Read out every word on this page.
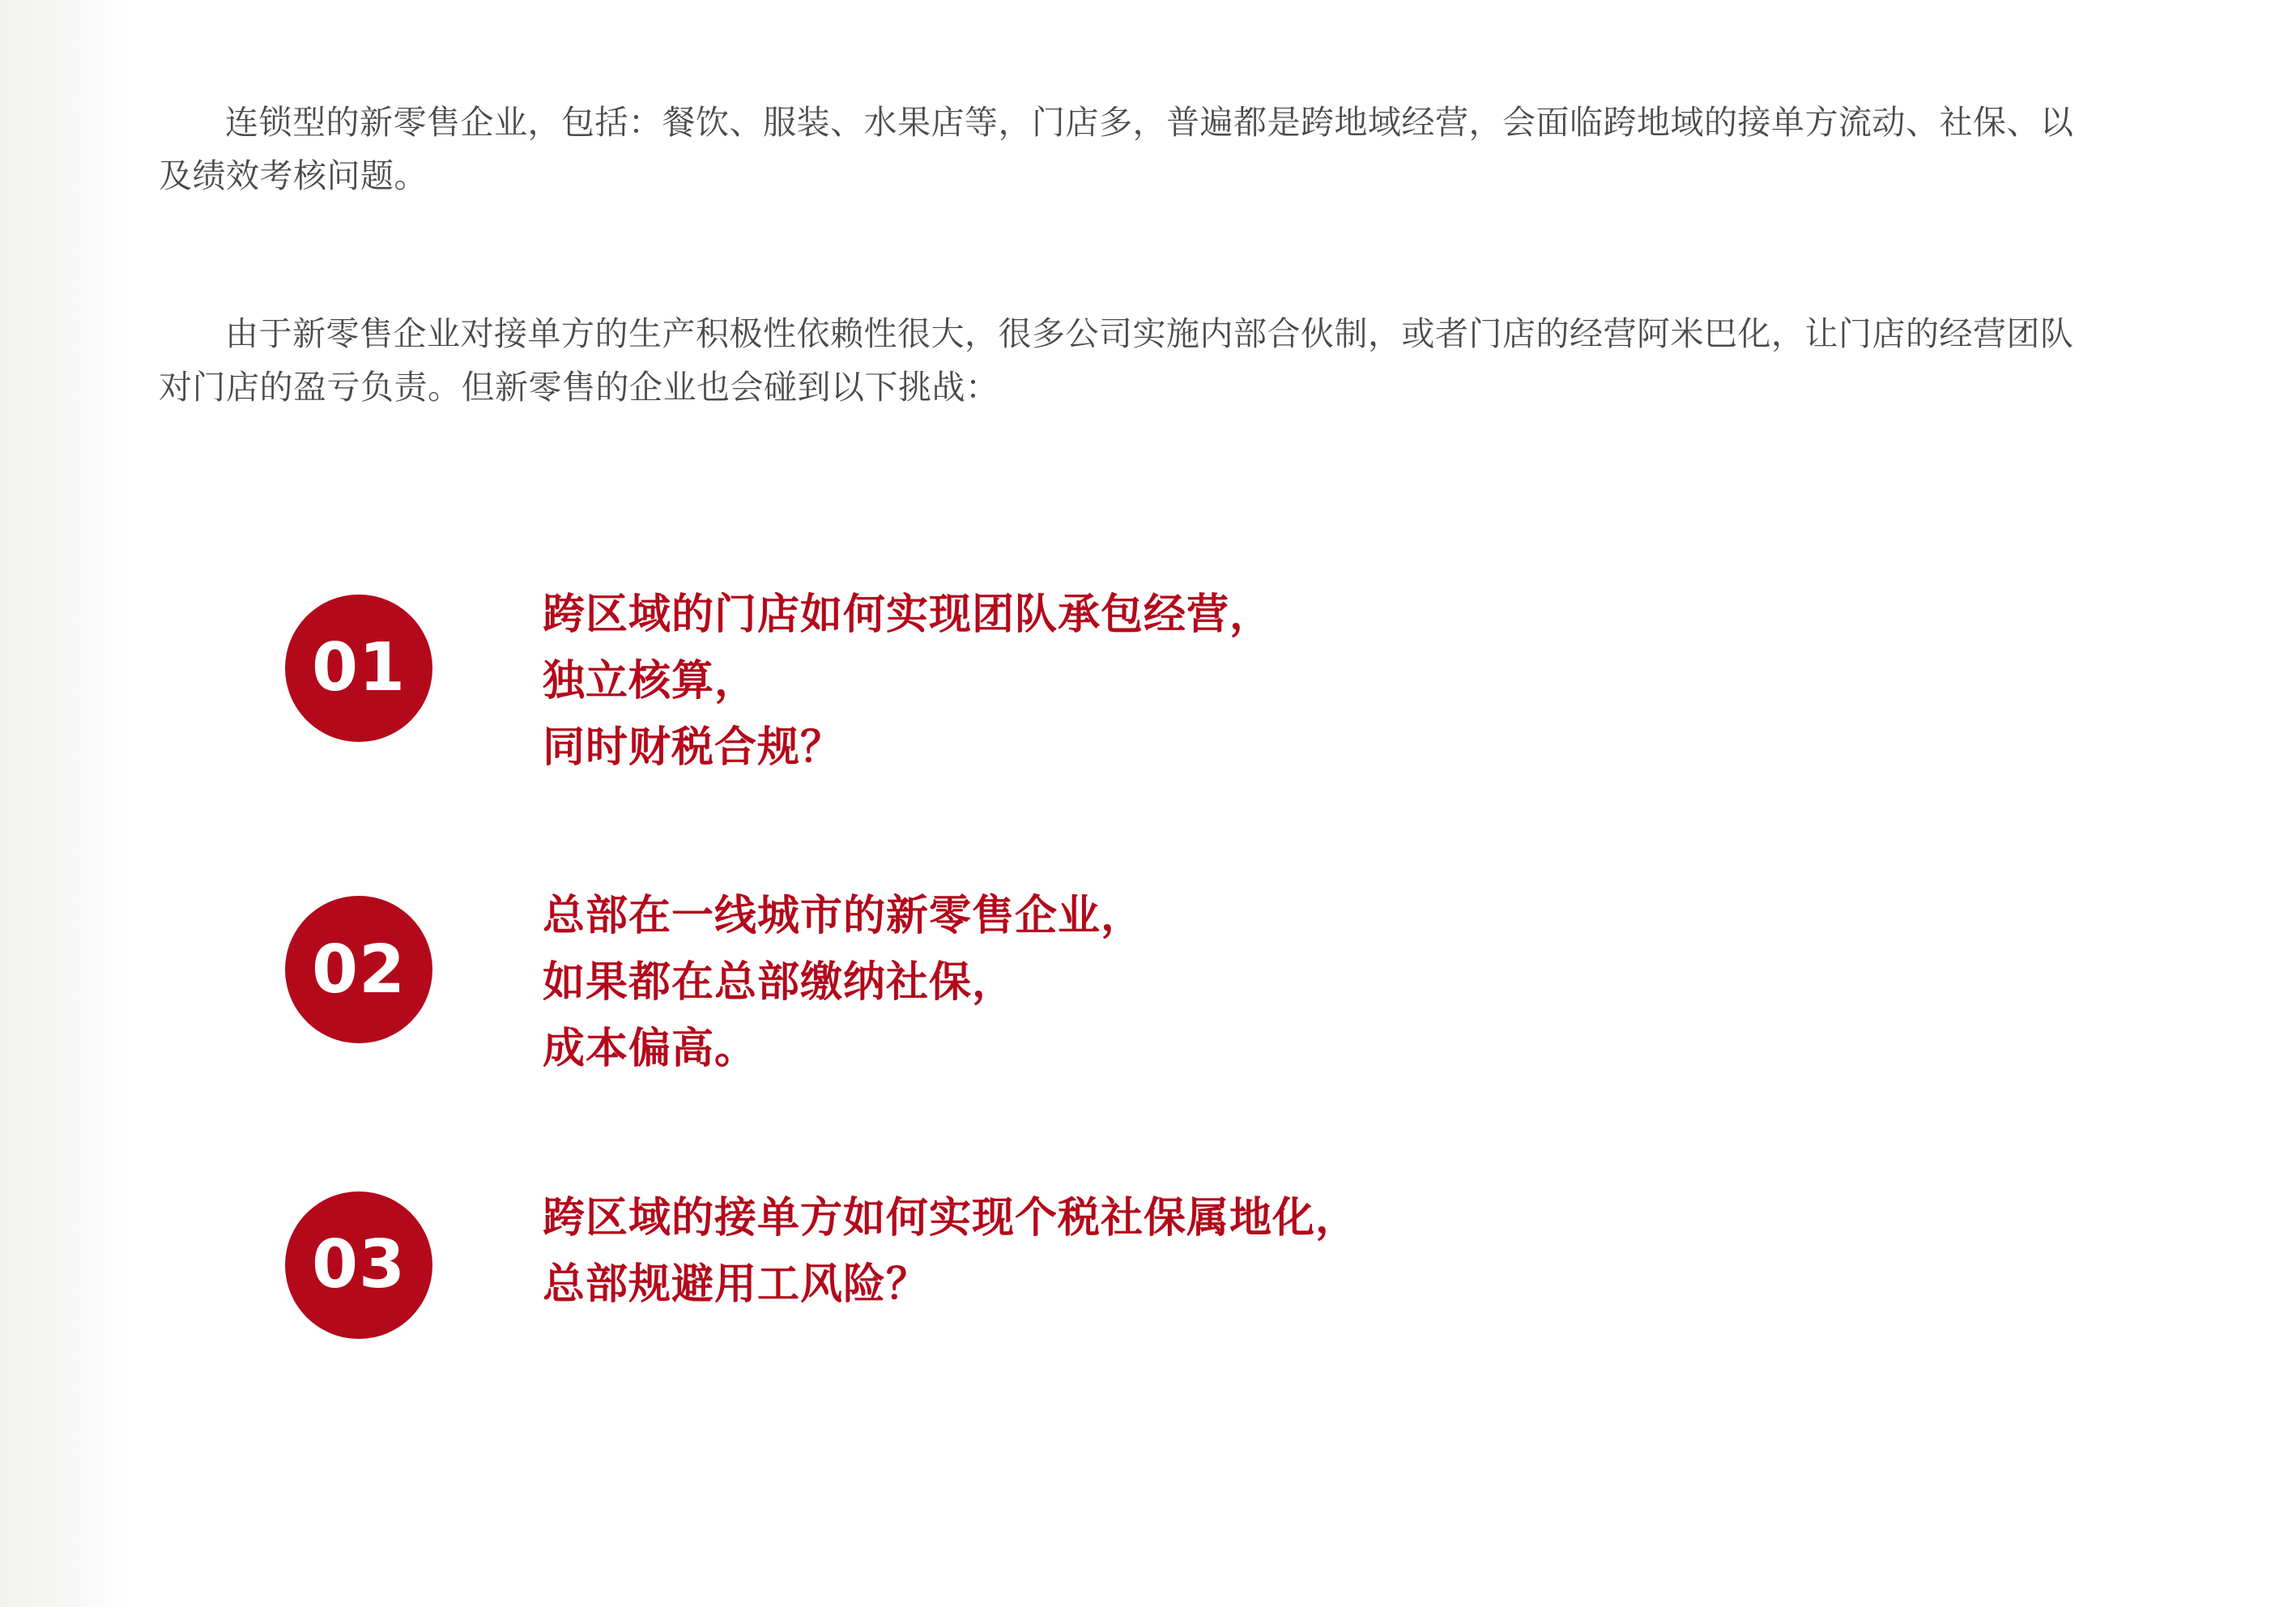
连锁型的新零售企业，包括：餐饮、服装、水果店等，门店多，普遍都是跨地域经营，会面临跨地域的接单方流动、社保、以及绩效考核问题。

由于新零售企业对接单方的生产积极性依赖性很大，很多公司实施内部合伙制，或者门店的经营阿米巴化，让门店的经营团队对门店的盈亏负责。但新零售的企业也会碰到以下挑战：

01
跨区域的门店如何实现团队承包经营，
独立核算，
同时财税合规？
02
总部在一线城市的新零售企业，
如果都在总部缴纳社保，
成本偏高。
03
跨区域的接单方如何实现个税社保属地化，
总部规避用工风险？
